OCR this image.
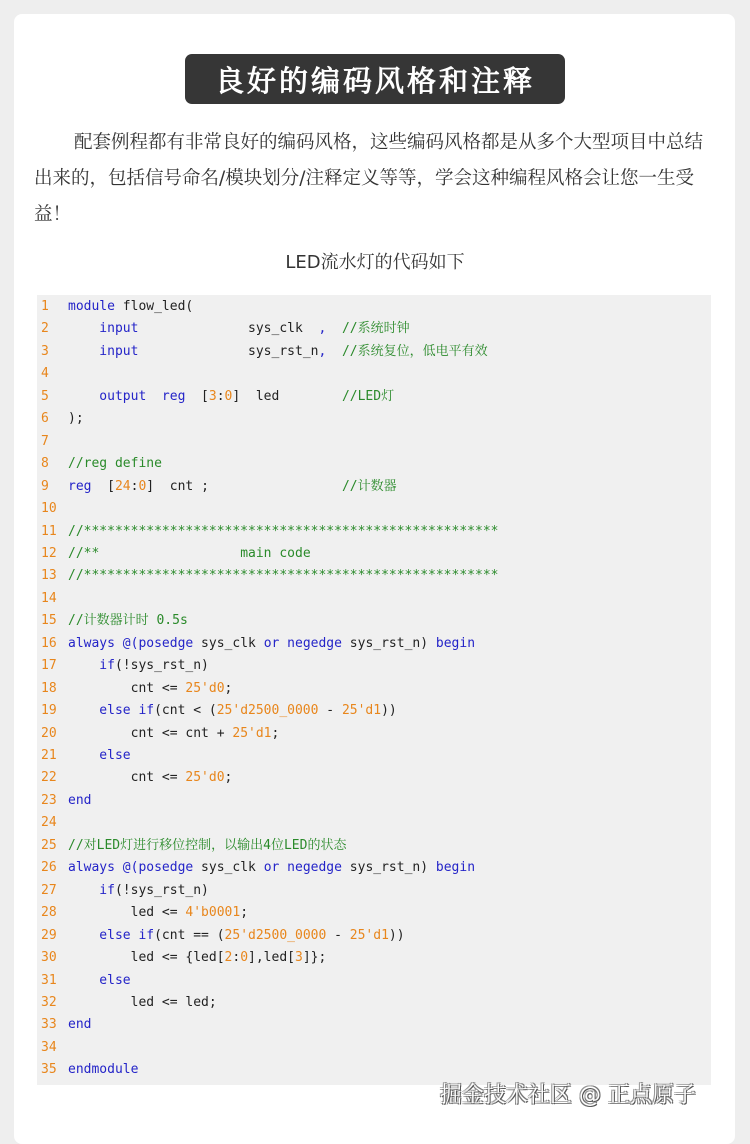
良好的编码风格和注释

配套例程都有非常良好的编码风格，这些编码风格都是从多个大型项目中总结出来的，包括信号命名/模块划分/注释定义等等，学会这种编程风格会让您一生受益！

LED流水灯的代码如下
1 module flow_led(
2    input              sys_clk  , //系统时钟
3    input              sys_rst_n, //系统复位，低电平有效
4
5    output  reg  [3:0]  led        //LED灯
6 );
7
8 //reg define
9 reg  [24:0]  cnt ;                 //计数器
10
11 //*****************************************************
12 //**	main code
13 //*****************************************************
14
15 //计数器计时 0.5s
16 always @(posedge sys_clk or negedge sys_rst_n) begin
17    if(!sys_rst_n)
18        cnt <= 25'd0;
19    else if(cnt < (25'd2500_0000 - 25'd1))
20        cnt <= cnt + 25'd1;
21    else
22        cnt <= 25'd0;
23 end
24
25 //对LED灯进行移位控制，以输出4位LED的状态
26 always @(posedge sys_clk or negedge sys_rst_n) begin
27    if(!sys_rst_n)
28        led <= 4'b0001;
29    else if(cnt == (25'd2500_0000 - 25'd1))
30        led <= {led[2:0],led[3]};
31    else
32        led <= led;
33 end
34
35 endmodule
掘金技术社区 @ 正点原子
